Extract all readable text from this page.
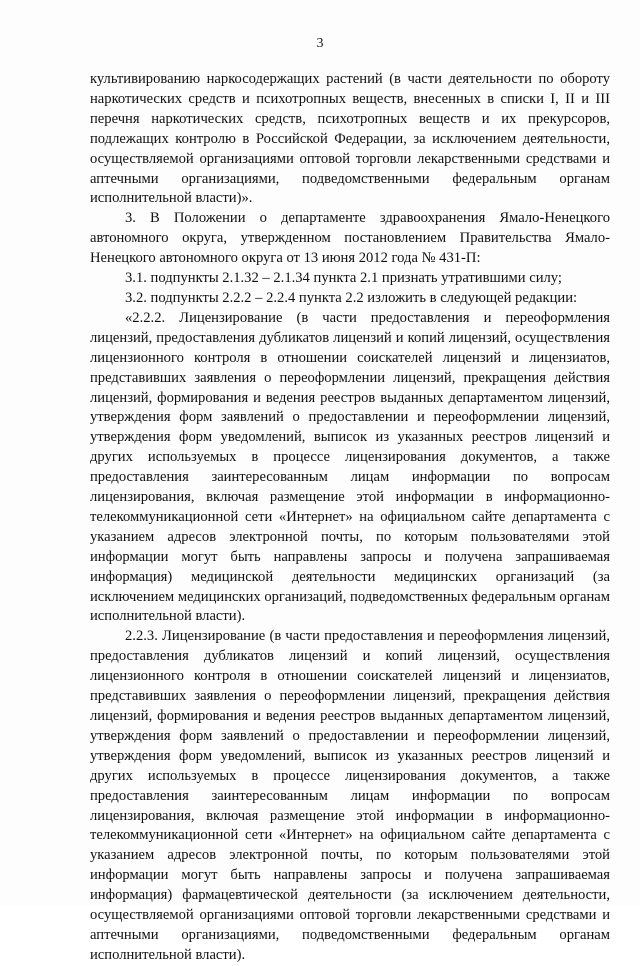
3

культивированию наркосодержащих растений (в части деятельности по обороту наркотических средств и психотропных веществ, внесенных в списки I, II и III перечня наркотических средств, психотропных веществ и их прекурсоров, подлежащих контролю в Российской Федерации, за исключением деятельности, осуществляемой организациями оптовой торговли лекарственными средствами и аптечными организациями, подведомственными федеральным органам исполнительной власти)».

3. В Положении о департаменте здравоохранения Ямало-Ненецкого автономного округа, утвержденном постановлением Правительства Ямало-Ненецкого автономного округа от 13 июня 2012 года № 431-П:

3.1. подпункты 2.1.32 – 2.1.34 пункта 2.1 признать утратившими силу;

3.2. подпункты 2.2.2 – 2.2.4 пункта 2.2 изложить в следующей редакции:

«2.2.2. Лицензирование (в части предоставления и переоформления лицензий, предоставления дубликатов лицензий и копий лицензий, осуществления лицензионного контроля в отношении соискателей лицензий и лицензиатов, представивших заявления о переоформлении лицензий, прекращения действия лицензий, формирования и ведения реестров выданных департаментом лицензий, утверждения форм заявлений о предоставлении и переоформлении лицензий, утверждения форм уведомлений, выписок из указанных реестров лицензий и других используемых в процессе лицензирования документов, а также предоставления заинтересованным лицам информации по вопросам лицензирования, включая размещение этой информации в информационно-телекоммуникационной сети «Интернет» на официальном сайте департамента с указанием адресов электронной почты, по которым пользователями этой информации могут быть направлены запросы и получена запрашиваемая информация) медицинской деятельности медицинских организаций (за исключением медицинских организаций, подведомственных федеральным органам исполнительной власти).

2.2.3. Лицензирование (в части предоставления и переоформления лицензий, предоставления дубликатов лицензий и копий лицензий, осуществления лицензионного контроля в отношении соискателей лицензий и лицензиатов, представивших заявления о переоформлении лицензий, прекращения действия лицензий, формирования и ведения реестров выданных департаментом лицензий, утверждения форм заявлений о предоставлении и переоформлении лицензий, утверждения форм уведомлений, выписок из указанных реестров лицензий и других используемых в процессе лицензирования документов, а также предоставления заинтересованным лицам информации по вопросам лицензирования, включая размещение этой информации в информационно-телекоммуникационной сети «Интернет» на официальном сайте департамента с указанием адресов электронной почты, по которым пользователями этой информации могут быть направлены запросы и получена запрашиваемая информация) фармацевтической деятельности (за исключением деятельности, осуществляемой организациями оптовой торговли лекарственными средствами и аптечными организациями, подведомственными федеральным органам исполнительной власти).
